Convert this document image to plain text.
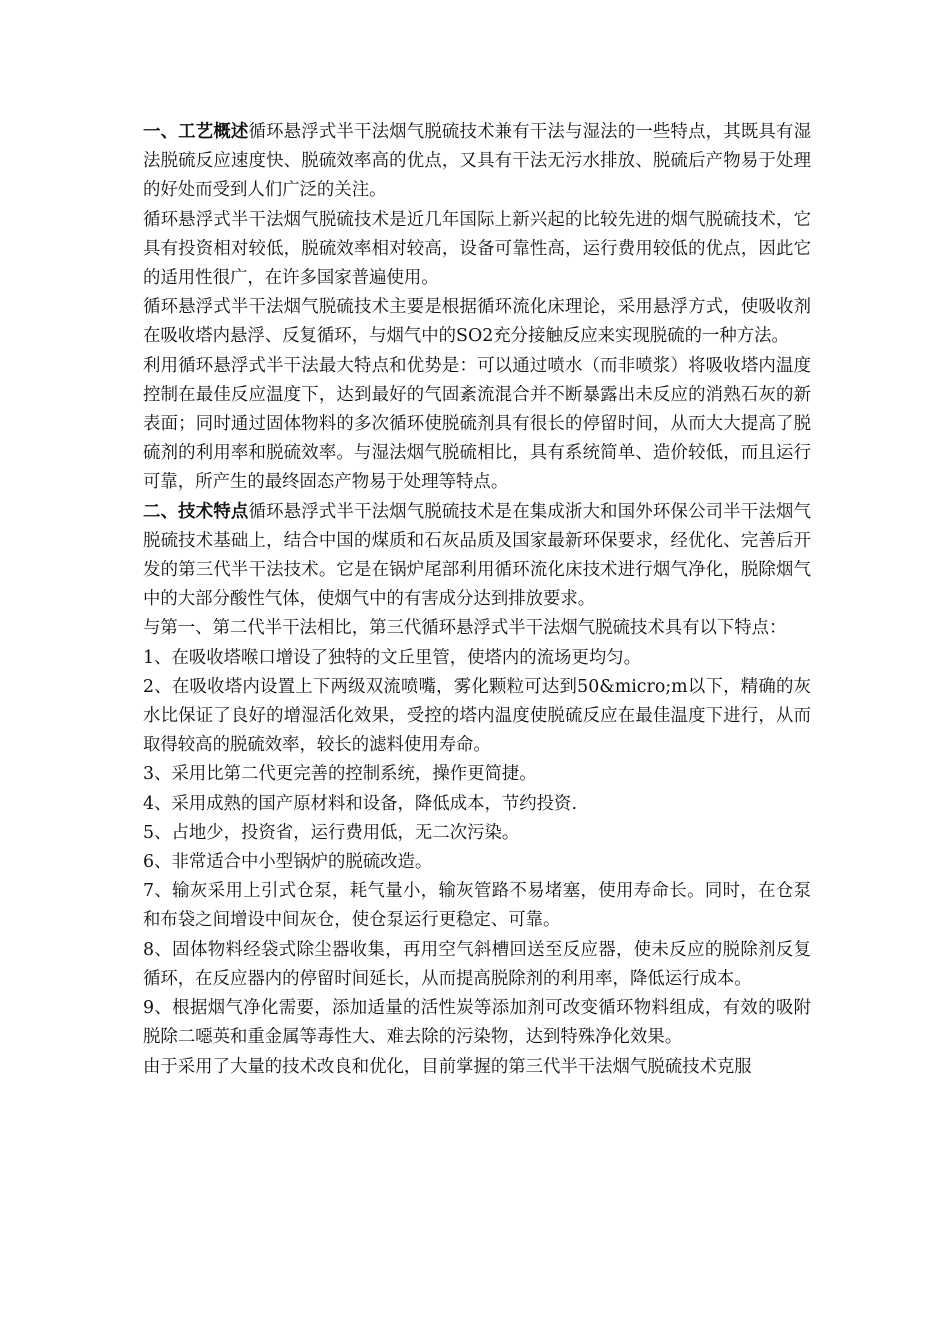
一、工艺概述循环悬浮式半干法烟气脱硫技术兼有干法与湿法的一些特点，其既具有湿法脱硫反应速度快、脱硫效率高的优点，又具有干法无污水排放、脱硫后产物易于处理的好处而受到人们广泛的关注。

循环悬浮式半干法烟气脱硫技术是近几年国际上新兴起的比较先进的烟气脱硫技术，它具有投资相对较低，脱硫效率相对较高，设备可靠性高，运行费用较低的优点，因此它的适用性很广，在许多国家普遍使用。

循环悬浮式半干法烟气脱硫技术主要是根据循环流化床理论，采用悬浮方式，使吸收剂在吸收塔内悬浮、反复循环，与烟气中的SO2充分接触反应来实现脱硫的一种方法。

利用循环悬浮式半干法最大特点和优势是：可以通过喷水（而非喷浆）将吸收塔内温度控制在最佳反应温度下，达到最好的气固紊流混合并不断暴露出未反应的消熟石灰的新表面；同时通过固体物料的多次循环使脱硫剂具有很长的停留时间，从而大大提高了脱硫剂的利用率和脱硫效率。与湿法烟气脱硫相比，具有系统简单、造价较低，而且运行可靠，所产生的最终固态产物易于处理等特点。

二、技术特点循环悬浮式半干法烟气脱硫技术是在集成浙大和国外环保公司半干法烟气脱硫技术基础上，结合中国的煤质和石灰品质及国家最新环保要求，经优化、完善后开发的第三代半干法技术。它是在锅炉尾部利用循环流化床技术进行烟气净化，脱除烟气中的大部分酸性气体，使烟气中的有害成分达到排放要求。

与第一、第二代半干法相比，第三代循环悬浮式半干法烟气脱硫技术具有以下特点：

1、在吸收塔喉口增设了独特的文丘里管，使塔内的流场更均匀。

2、在吸收塔内设置上下两级双流喷嘴，雾化颗粒可达到50&micro;m以下，精确的灰水比保证了良好的增湿活化效果，受控的塔内温度使脱硫反应在最佳温度下进行，从而取得较高的脱硫效率，较长的滤料使用寿命。

3、采用比第二代更完善的控制系统，操作更简捷。

4、采用成熟的国产原材料和设备，降低成本，节约投资.

5、占地少，投资省，运行费用低，无二次污染。

6、非常适合中小型锅炉的脱硫改造。

7、输灰采用上引式仓泵，耗气量小，输灰管路不易堵塞，使用寿命长。同时，在仓泵和布袋之间增设中间灰仓，使仓泵运行更稳定、可靠。

8、固体物料经袋式除尘器收集，再用空气斜槽回送至反应器，使未反应的脱除剂反复循环，在反应器内的停留时间延长，从而提高脱除剂的利用率，降低运行成本。

9、根据烟气净化需要，添加适量的活性炭等添加剂可改变循环物料组成，有效的吸附脱除二噁英和重金属等毒性大、难去除的污染物，达到特殊净化效果。

由于采用了大量的技术改良和优化，目前掌握的第三代半干法烟气脱硫技术克服
